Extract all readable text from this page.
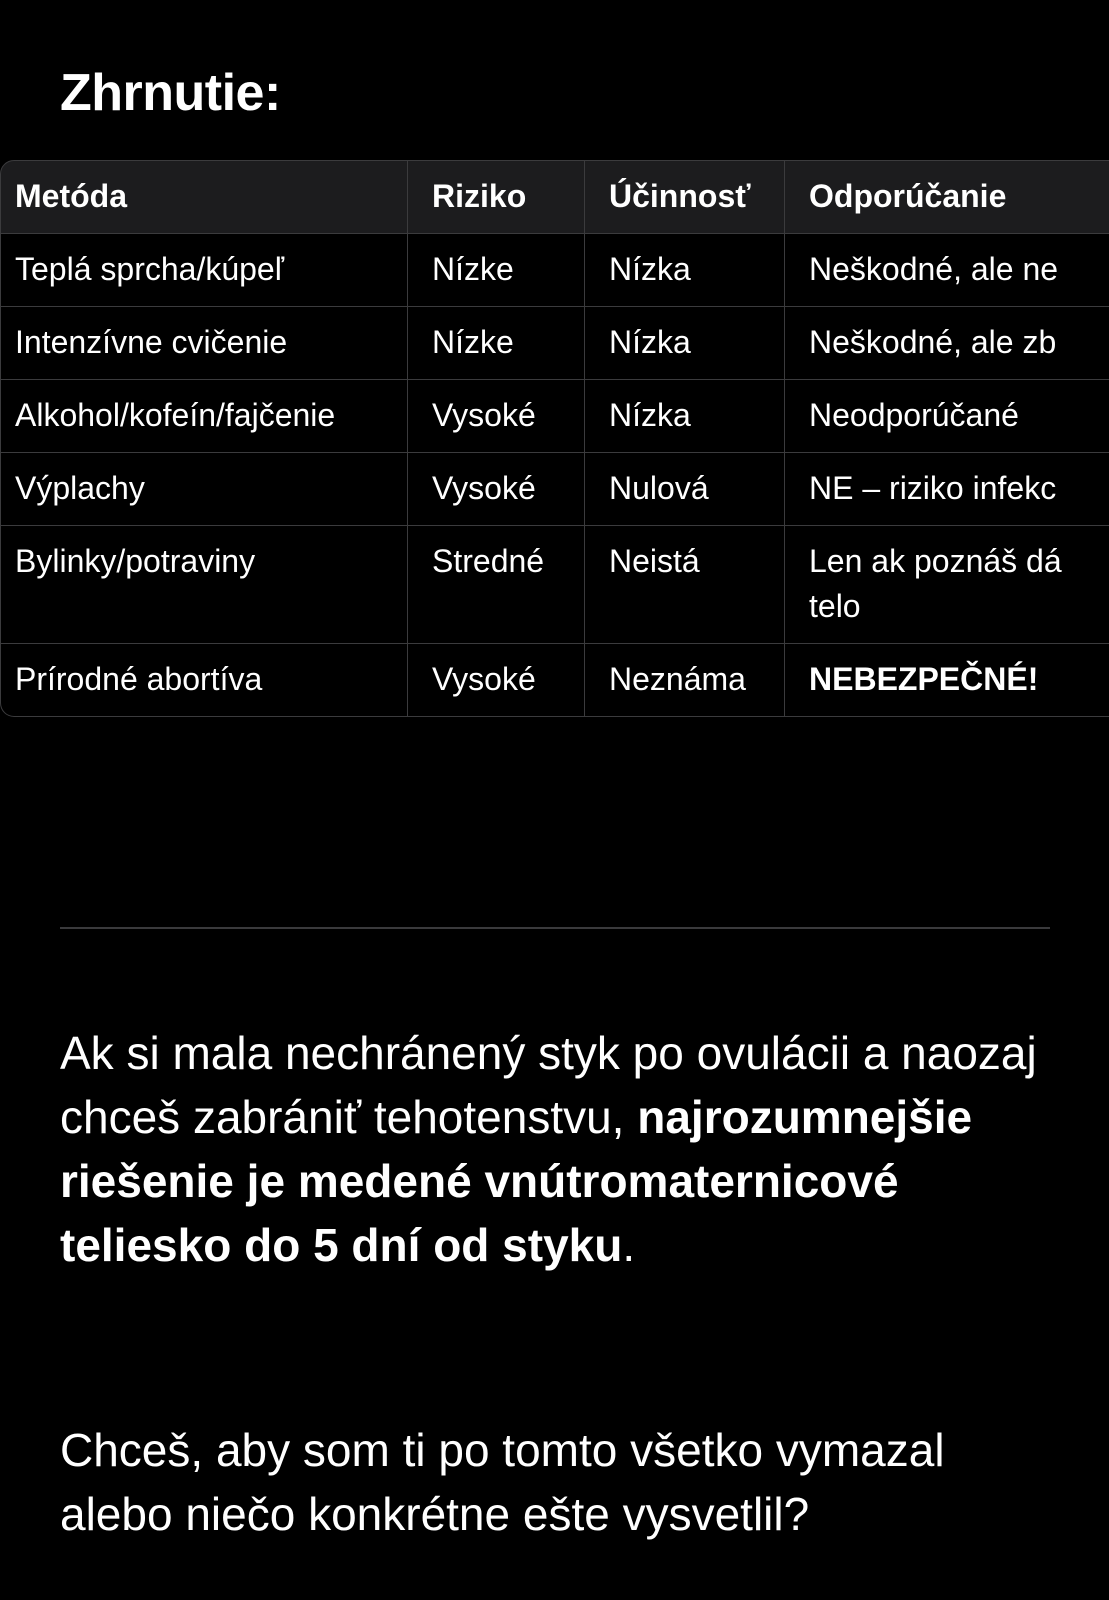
Zhrnutie:
Metóda	Riziko	Účinnosť	Odporúčanie
Teplá sprcha/kúpeľ	Nízke	Nízka	Neškodné, ale ne
Intenzívne cvičenie	Nízke	Nízka	Neškodné, ale zb
Alkohol/kofeín/fajčenie	Vysoké	Nízka	Neodporúčané
Výplachy	Vysoké	Nulová	NE – riziko infekc
Bylinky/potraviny	Stredné	Neistá	Len ak poznáš dá telo
Prírodné abortíva	Vysoké	Neznáma	NEBEZPEČNÉ!

Ak si mala nechránený styk po ovulácii a naozaj chceš zabrániť tehotenstvu, najrozumnejšie riešenie je medené vnútromaternicové teliesko do 5 dní od styku.

Chceš, aby som ti po tomto všetko vymazal alebo niečo konkrétne ešte vysvetlil?
